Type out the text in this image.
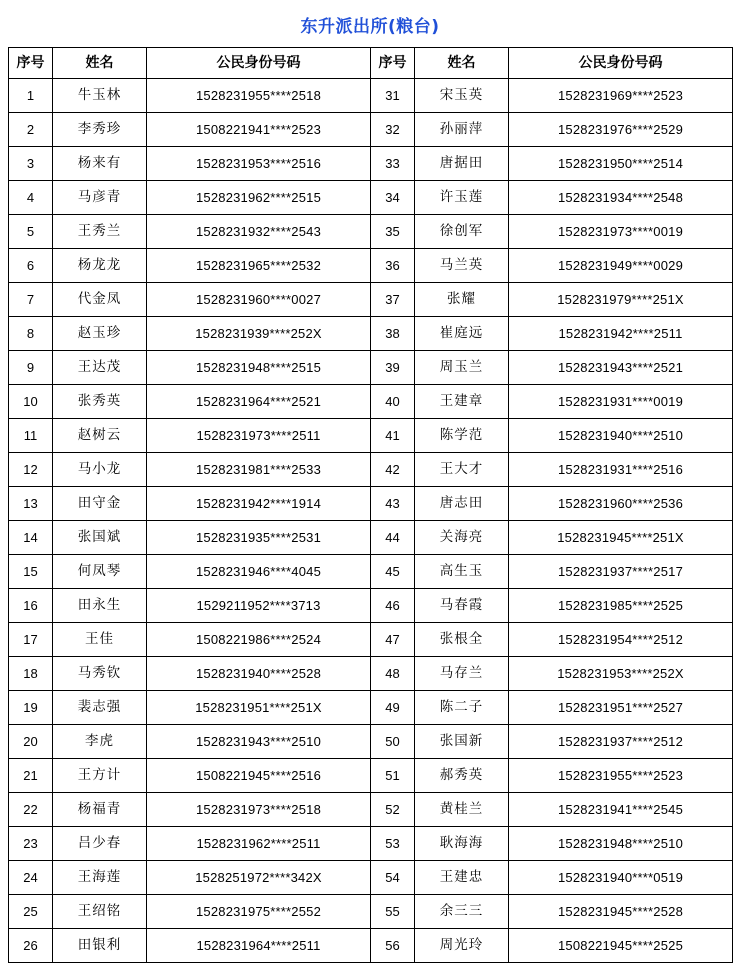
东升派出所(粮台)
序号	姓名	公民身份号码	序号	姓名	公民身份号码
1	牛玉林	1528231955****2518	31	宋玉英	1528231969****2523
2	李秀珍	1508221941****2523	32	孙丽萍	1528231976****2529
3	杨来有	1528231953****2516	33	唐据田	1528231950****2514
4	马彦青	1528231962****2515	34	许玉莲	1528231934****2548
5	王秀兰	1528231932****2543	35	徐创军	1528231973****0019
6	杨龙龙	1528231965****2532	36	马兰英	1528231949****0029
7	代金凤	1528231960****0027	37	张耀	1528231979****251X
8	赵玉珍	1528231939****252X	38	崔庭远	1528231942****2511
9	王达茂	1528231948****2515	39	周玉兰	1528231943****2521
10	张秀英	1528231964****2521	40	王建章	1528231931****0019
11	赵树云	1528231973****2511	41	陈学范	1528231940****2510
12	马小龙	1528231981****2533	42	王大才	1528231931****2516
13	田守金	1528231942****1914	43	唐志田	1528231960****2536
14	张国斌	1528231935****2531	44	关海亮	1528231945****251X
15	何凤琴	1528231946****4045	45	高生玉	1528231937****2517
16	田永生	1529211952****3713	46	马春霞	1528231985****2525
17	王佳	1508221986****2524	47	张根全	1528231954****2512
18	马秀钦	1528231940****2528	48	马存兰	1528231953****252X
19	裴志强	1528231951****251X	49	陈二子	1528231951****2527
20	李虎	1528231943****2510	50	张国新	1528231937****2512
21	王方计	1508221945****2516	51	郝秀英	1528231955****2523
22	杨福青	1528231973****2518	52	黄桂兰	1528231941****2545
23	吕少春	1528231962****2511	53	耿海海	1528231948****2510
24	王海莲	1528251972****342X	54	王建忠	1528231940****0519
25	王绍铭	1528231975****2552	55	余三三	1528231945****2528
26	田银利	1528231964****2511	56	周光玲	1508221945****2525
